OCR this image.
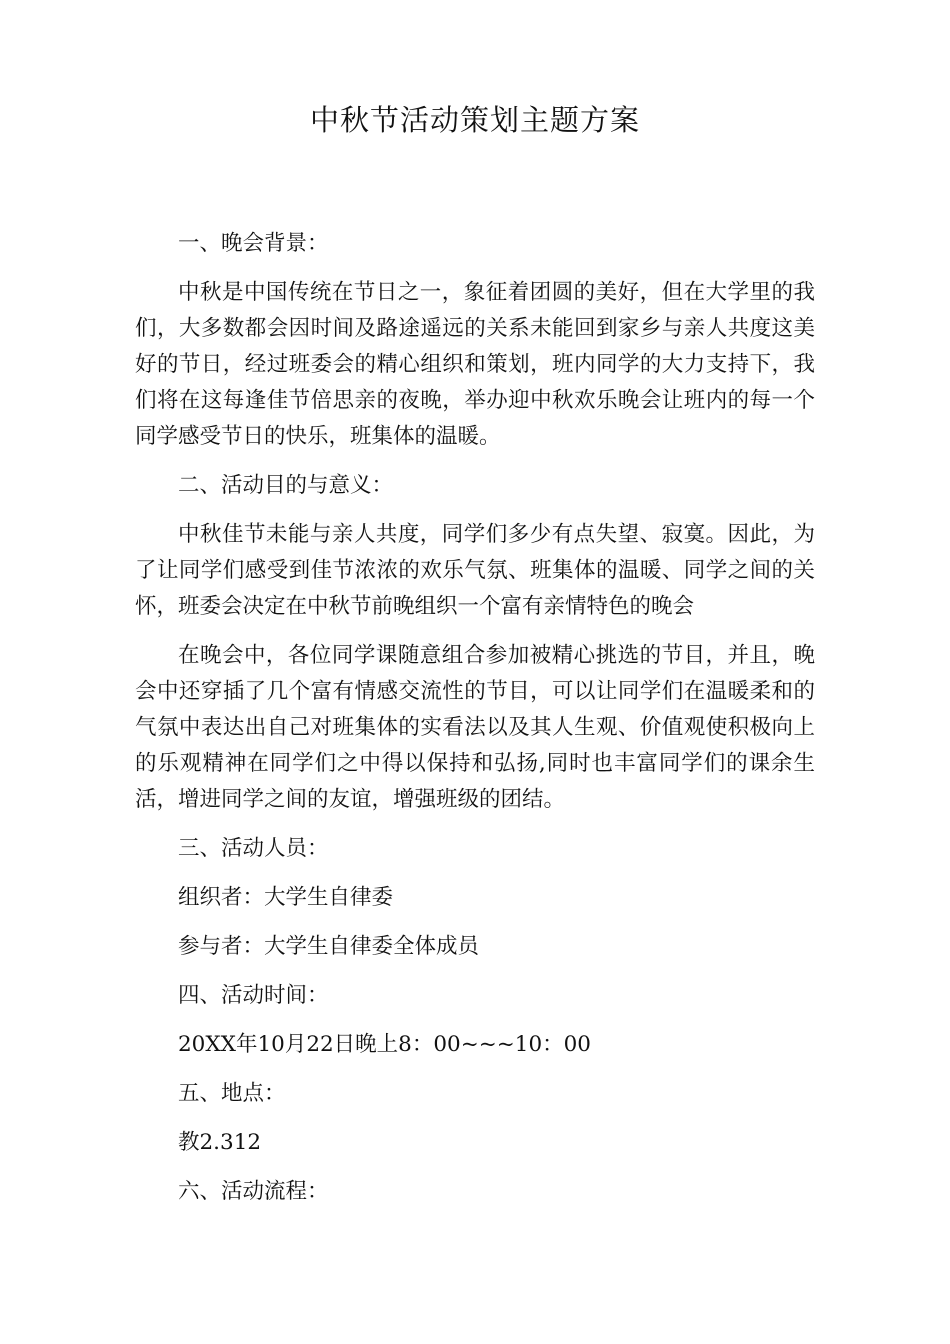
中秋节活动策划主题方案

一、晚会背景：

中秋是中国传统在节日之一，象征着团圆的美好，但在大学里的我们，大多数都会因时间及路途遥远的关系未能回到家乡与亲人共度这美好的节日，经过班委会的精心组织和策划，班内同学的大力支持下，我们将在这每逢佳节倍思亲的夜晚，举办迎中秋欢乐晚会让班内的每一个同学感受节日的快乐，班集体的温暖。

二、活动目的与意义：

中秋佳节未能与亲人共度，同学们多少有点失望、寂寞。因此，为了让同学们感受到佳节浓浓的欢乐气氛、班集体的温暖、同学之间的关怀，班委会决定在中秋节前晚组织一个富有亲情特色的晚会

在晚会中，各位同学课随意组合参加被精心挑选的节目，并且，晚会中还穿插了几个富有情感交流性的节目，可以让同学们在温暖柔和的气氛中表达出自己对班集体的实看法以及其人生观、价值观使积极向上的乐观精神在同学们之中得以保持和弘扬,同时也丰富同学们的课余生活，增进同学之间的友谊，增强班级的团结。

三、活动人员：

组织者：大学生自律委

参与者：大学生自律委全体成员

四、活动时间：

20XX年10月22日晚上8：00~~~10：00

五、地点：

教2.312

六、活动流程：
